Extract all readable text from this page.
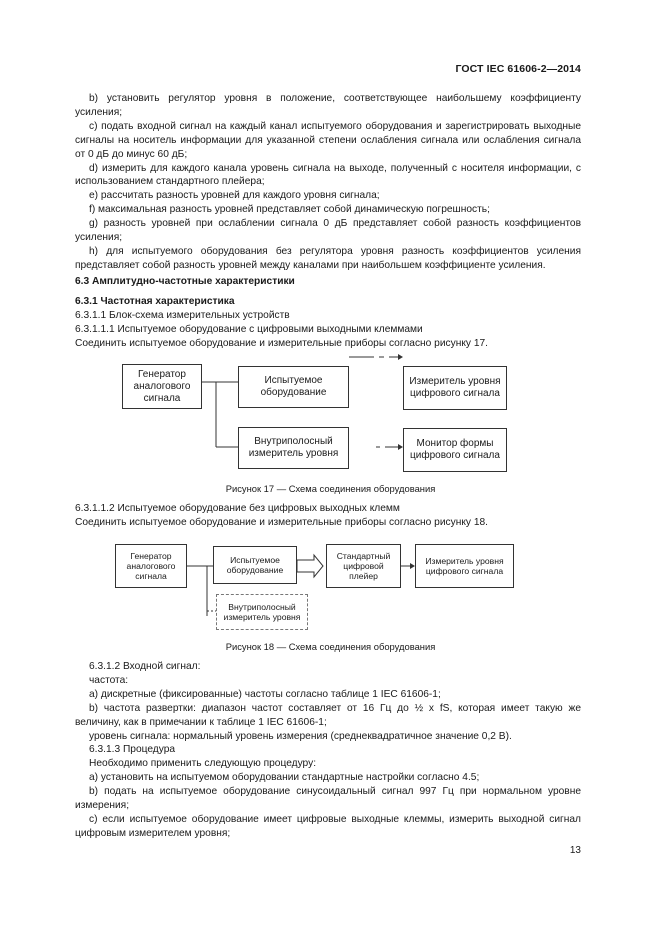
ГОСТ IEC 61606-2—2014

b) установить регулятор уровня в положение, соответствующее наибольшему коэффициенту усиления;

c) подать входной сигнал на каждый канал испытуемого оборудования и зарегистрировать выходные сигналы на носитель информации для указанной степени ослабления сигнала или ослабления сигнала от 0 дБ до минус 60 дБ;

d) измерить для каждого канала уровень сигнала на выходе, полученный с носителя информации, с использованием стандартного плейера;

e) рассчитать разность уровней для каждого уровня сигнала;

f) максимальная разность уровней представляет собой динамическую погрешность;

g) разность уровней при ослаблении сигнала 0 дБ представляет собой разность коэффициентов усиления;

h) для испытуемого оборудования без регулятора уровня разность коэффициентов усиления представляет собой разность уровней между каналами при наибольшем коэффициенте усиления.

6.3 Амплитудно-частотные характеристики

6.3.1 Частотная характеристика

6.3.1.1 Блок-схема измерительных устройств

6.3.1.1.1 Испытуемое оборудование с цифровыми выходными клеммами

Соединить испытуемое оборудование и измерительные приборы согласно рисунку 17.

Генератор аналогового сигнала
Испытуемое оборудование
Измеритель уровня цифрового сигнала
Внутриполосный измеритель уровня
Монитор формы цифрового сигнала
Рисунок 17 — Схема соединения оборудования

6.3.1.1.2 Испытуемое оборудование без цифровых выходных клемм

Соединить испытуемое оборудование и измерительные приборы согласно рисунку 18.

Генератор аналогового сигнала
Испытуемое оборудование
Стандартный цифровой плейер
Измеритель уровня цифрового сигнала
Внутриполосный измеритель уровня
Рисунок 18 — Схема соединения оборудования

6.3.1.2 Входной сигнал:

частота:

a) дискретные (фиксированные) частоты согласно таблице 1 IEC 61606-1;

b) частота развертки: диапазон частот составляет от 16 Гц до ½ x fS, которая имеет такую же величину, как в примечании к таблице 1 IEC 61606-1;

уровень сигнала: нормальный уровень измерения (среднеквадратичное значение 0,2 В).

6.3.1.3 Процедура

Необходимо применить следующую процедуру:

a) установить на испытуемом оборудовании стандартные настройки согласно 4.5;

b) подать на испытуемое оборудование синусоидальный сигнал 997 Гц при нормальном уровне измерения;

c) если испытуемое оборудование имеет цифровые выходные клеммы, измерить выходной сигнал цифровым измерителем уровня;

13
